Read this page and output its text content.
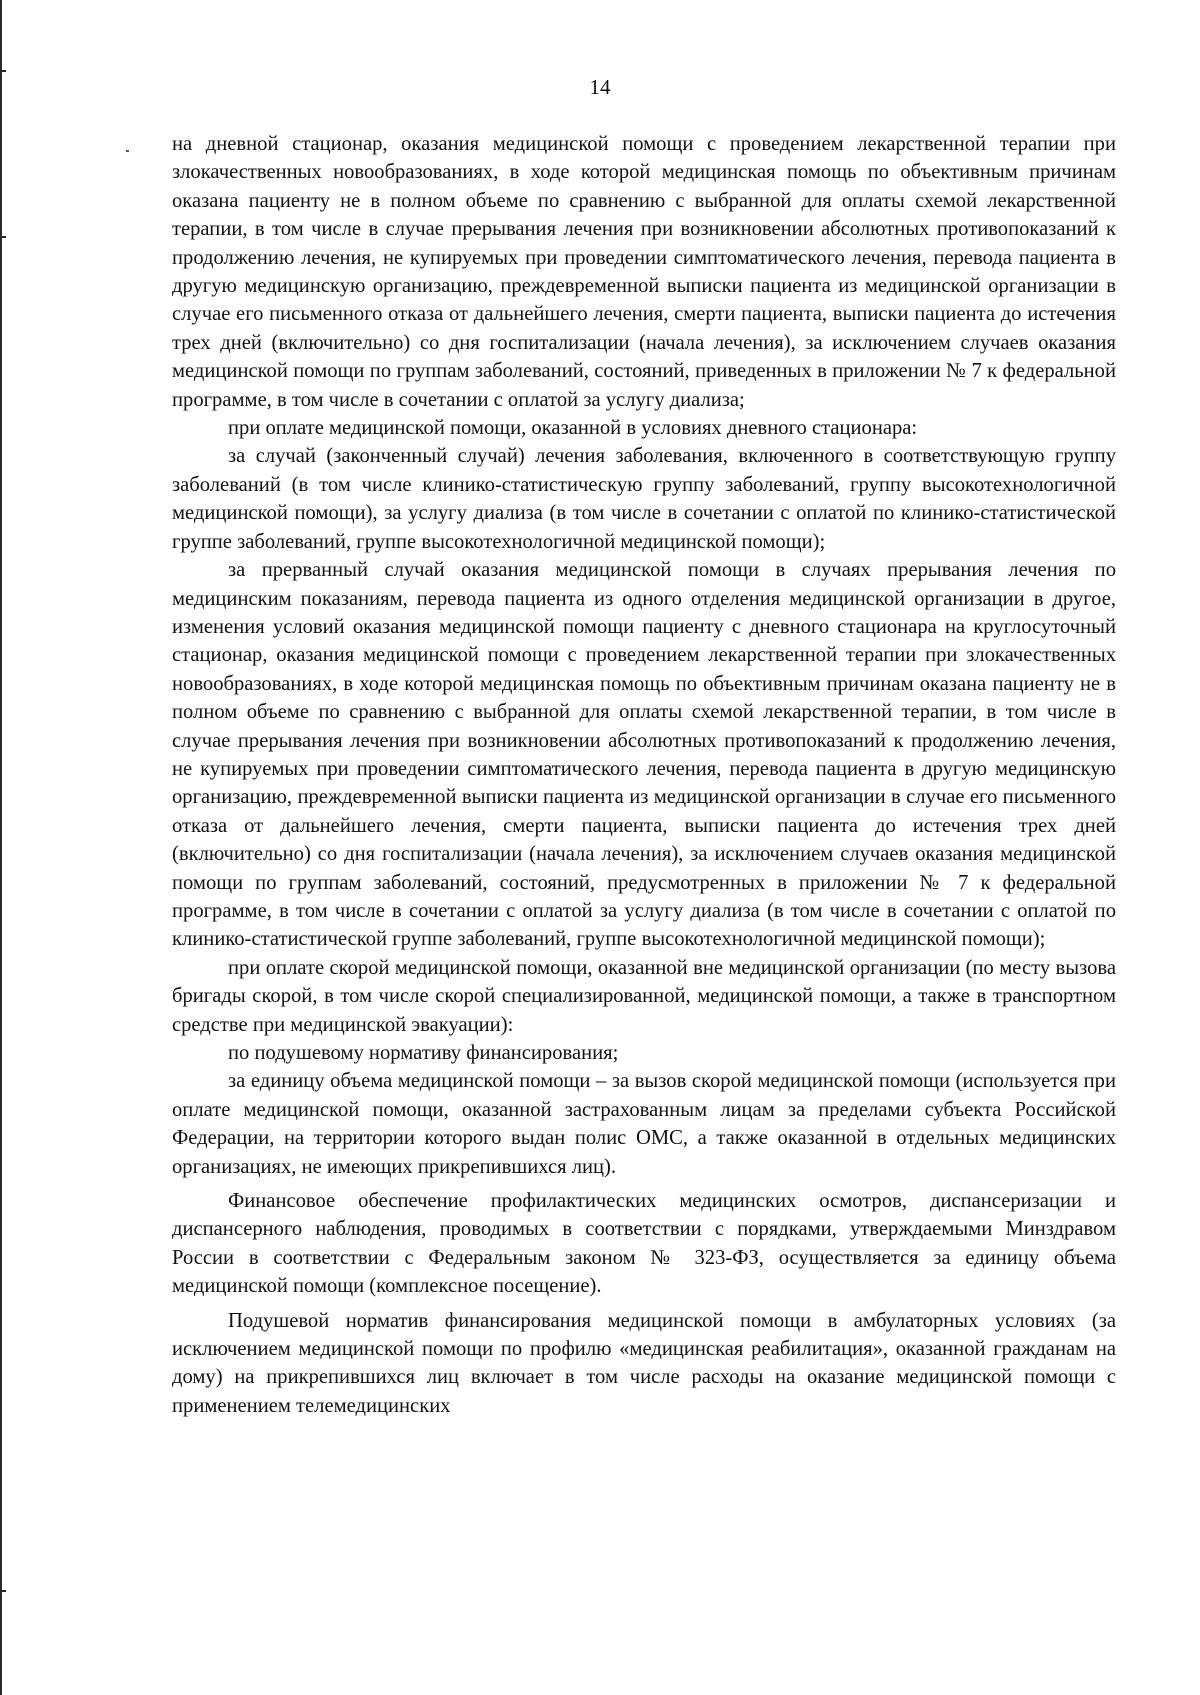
14

на дневной стационар, оказания медицинской помощи с проведением лекарственной терапии при злокачественных новообразованиях, в ходе которой медицинская помощь по объективным причинам оказана пациенту не в полном объеме по сравнению с выбранной для оплаты схемой лекарственной терапии, в том числе в случае прерывания лечения при возникновении абсолютных противопоказаний к продолжению лечения, не купируемых при проведении симптоматического лечения, перевода пациента в другую медицинскую организацию, преждевременной выписки пациента из медицинской организации в случае его письменного отказа от дальнейшего лечения, смерти пациента, выписки пациента до истечения трех дней (включительно) со дня госпитализации (начала лечения), за исключением случаев оказания медицинской помощи по группам заболеваний, состояний, приведенных в приложении № 7 к федеральной программе, в том числе в сочетании с оплатой за услугу диализа;

при оплате медицинской помощи, оказанной в условиях дневного стационара:

за случай (законченный случай) лечения заболевания, включенного в соответствующую группу заболеваний (в том числе клинико-статистическую группу заболеваний, группу высокотехнологичной медицинской помощи), за услугу диализа (в том числе в сочетании с оплатой по клинико-статистической группе заболеваний, группе высокотехнологичной медицинской помощи);

за прерванный случай оказания медицинской помощи в случаях прерывания лечения по медицинским показаниям, перевода пациента из одного отделения медицинской организации в другое, изменения условий оказания медицинской помощи пациенту с дневного стационара на круглосуточный стационар, оказания медицинской помощи с проведением лекарственной терапии при злокачественных новообразованиях, в ходе которой медицинская помощь по объективным причинам оказана пациенту не в полном объеме по сравнению с выбранной для оплаты схемой лекарственной терапии, в том числе в случае прерывания лечения при возникновении абсолютных противопоказаний к продолжению лечения, не купируемых при проведении симптоматического лечения, перевода пациента в другую медицинскую организацию, преждевременной выписки пациента из медицинской организации в случае его письменного отказа от дальнейшего лечения, смерти пациента, выписки пациента до истечения трех дней (включительно) со дня госпитализации (начала лечения), за исключением случаев оказания медицинской помощи по группам заболеваний, состояний, предусмотренных в приложении № 7 к федеральной программе, в том числе в сочетании с оплатой за услугу диализа (в том числе в сочетании с оплатой по клинико-статистической группе заболеваний, группе высокотехнологичной медицинской помощи);

при оплате скорой медицинской помощи, оказанной вне медицинской организации (по месту вызова бригады скорой, в том числе скорой специализированной, медицинской помощи, а также в транспортном средстве при медицинской эвакуации):

по подушевому нормативу финансирования;

за единицу объема медицинской помощи – за вызов скорой медицинской помощи (используется при оплате медицинской помощи, оказанной застрахованным лицам за пределами субъекта Российской Федерации, на территории которого выдан полис ОМС, а также оказанной в отдельных медицинских организациях, не имеющих прикрепившихся лиц).

Финансовое обеспечение профилактических медицинских осмотров, диспансеризации и диспансерного наблюдения, проводимых в соответствии с порядками, утверждаемыми Минздравом России в соответствии с Федеральным законом № 323-ФЗ, осуществляется за единицу объема медицинской помощи (комплексное посещение).

Подушевой норматив финансирования медицинской помощи в амбулаторных условиях (за исключением медицинской помощи по профилю «медицинская реабилитация», оказанной гражданам на дому) на прикрепившихся лиц включает в том числе расходы на оказание медицинской помощи с применением телемедицинских
